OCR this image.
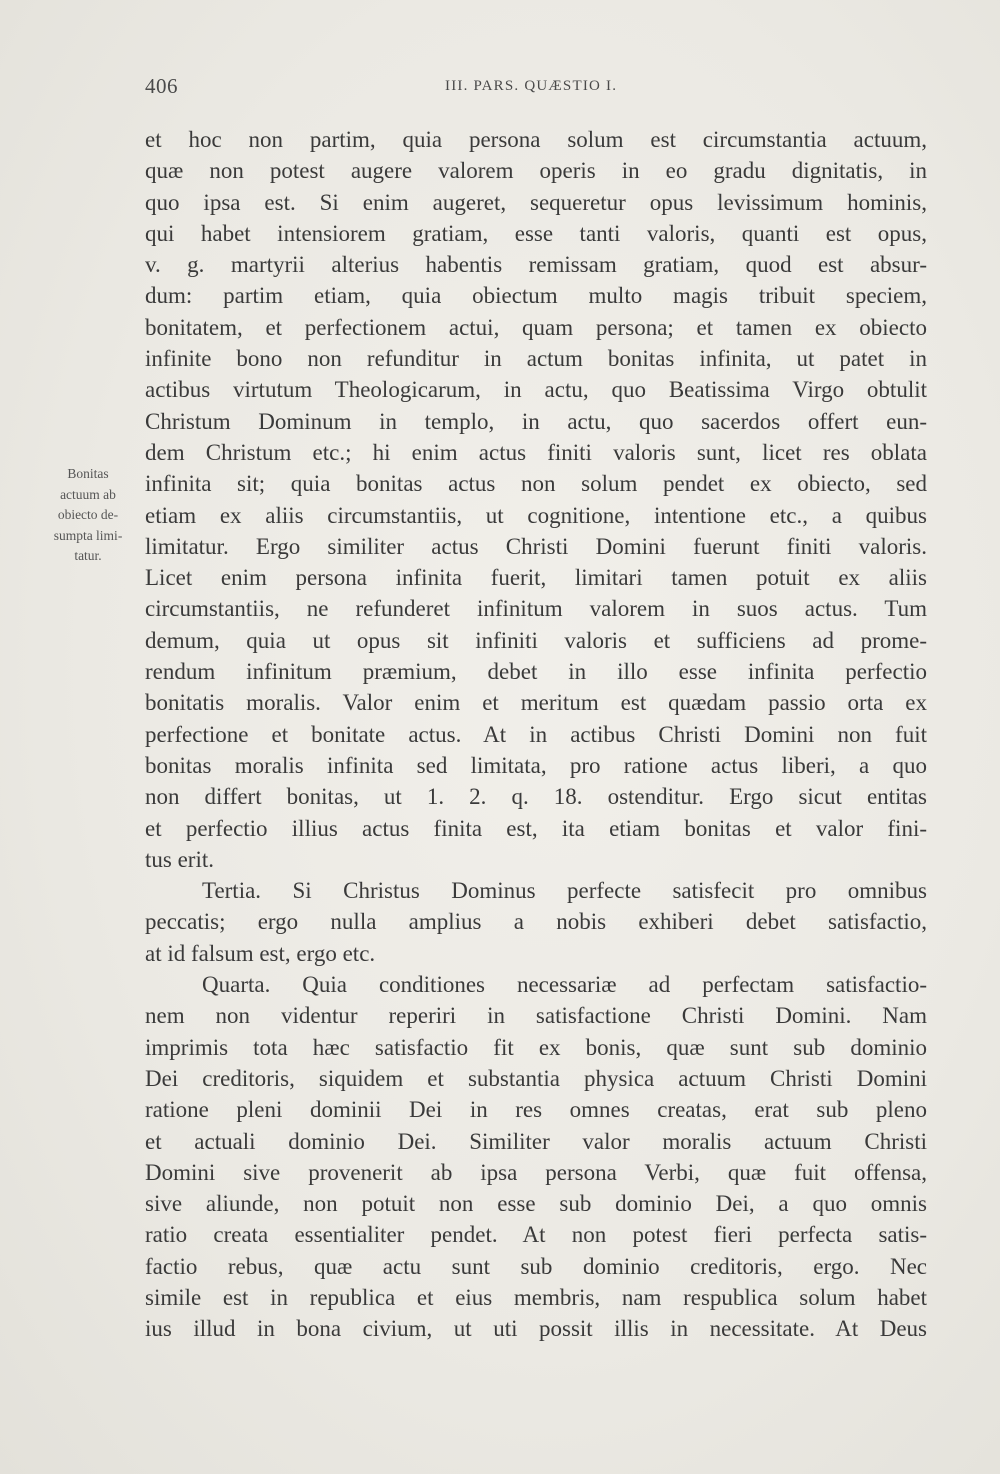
406	III. PARS. QUÆSTIO I.
Bonitas
actuum ab
obiecto de-
sumpta limi-
tatur.
et hoc non partim, quia persona solum est circumstantia actuum,
quæ non potest augere valorem operis in eo gradu dignitatis, in
quo ipsa est. Si enim augeret, sequeretur opus levissimum hominis,
qui habet intensiorem gratiam, esse tanti valoris, quanti est opus,
v. g. martyrii alterius habentis remissam gratiam, quod est absur-
dum: partim etiam, quia obiectum multo magis tribuit speciem,
bonitatem, et perfectionem actui, quam persona; et tamen ex obiecto
infinite bono non refunditur in actum bonitas infinita, ut patet in
actibus virtutum Theologicarum, in actu, quo Beatissima Virgo obtulit
Christum Dominum in templo, in actu, quo sacerdos offert eun-
dem Christum etc.; hi enim actus finiti valoris sunt, licet res oblata
infinita sit; quia bonitas actus non solum pendet ex obiecto, sed
etiam ex aliis circumstantiis, ut cognitione, intentione etc., a quibus
limitatur. Ergo similiter actus Christi Domini fuerunt finiti valoris.
Licet enim persona infinita fuerit, limitari tamen potuit ex aliis
circumstantiis, ne refunderet infinitum valorem in suos actus. Tum
demum, quia ut opus sit infiniti valoris et sufficiens ad prome-
rendum infinitum præmium, debet in illo esse infinita perfectio
bonitatis moralis. Valor enim et meritum est quædam passio orta ex
perfectione et bonitate actus. At in actibus Christi Domini non fuit
bonitas moralis infinita sed limitata, pro ratione actus liberi, a quo
non differt bonitas, ut 1. 2. q. 18. ostenditur. Ergo sicut entitas
et perfectio illius actus finita est, ita etiam bonitas et valor fini-
tus erit.
Tertia. Si Christus Dominus perfecte satisfecit pro omnibus
peccatis; ergo nulla amplius a nobis exhiberi debet satisfactio,
at id falsum est, ergo etc.
Quarta. Quia conditiones necessariæ ad perfectam satisfactio-
nem non videntur reperiri in satisfactione Christi Domini. Nam
imprimis tota hæc satisfactio fit ex bonis, quæ sunt sub dominio
Dei creditoris, siquidem et substantia physica actuum Christi Domini
ratione pleni dominii Dei in res omnes creatas, erat sub pleno
et actuali dominio Dei. Similiter valor moralis actuum Christi
Domini sive provenerit ab ipsa persona Verbi, quæ fuit offensa,
sive aliunde, non potuit non esse sub dominio Dei, a quo omnis
ratio creata essentialiter pendet. At non potest fieri perfecta satis-
factio rebus, quæ actu sunt sub dominio creditoris, ergo. Nec
simile est in republica et eius membris, nam respublica solum habet
ius illud in bona civium, ut uti possit illis in necessitate. At Deus
